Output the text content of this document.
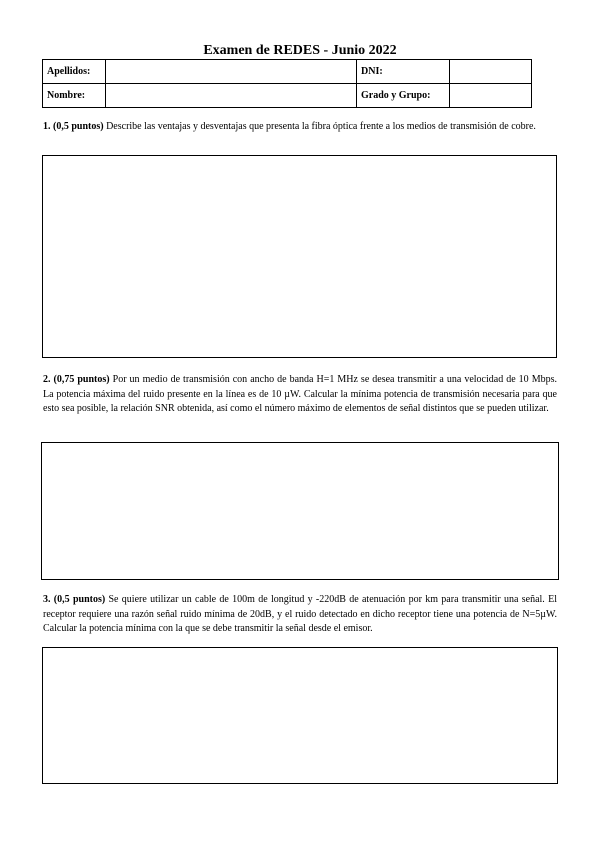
Examen de REDES - Junio 2022
Apellidos:		DNI:	
Nombre:		Grado y Grupo:	
1. (0,5 puntos) Describe las ventajas y desventajas que presenta la fibra óptica frente a los medios de transmisión de cobre.
2. (0,75 puntos) Por un medio de transmisión con ancho de banda H=1 MHz se desea transmitir a una velocidad de 10 Mbps. La potencia máxima del ruido presente en la línea es de 10 µW. Calcular la mínima potencia de transmisión necesaria para que esto sea posible, la relación SNR obtenida, así como el número máximo de elementos de señal distintos que se pueden utilizar.
3. (0,5 puntos) Se quiere utilizar un cable de 100m de longitud y -220dB de atenuación por km para transmitir una señal. El receptor requiere una razón señal ruido mínima de 20dB, y el ruido detectado en dicho receptor tiene una potencia de N=5µW. Calcular la potencia mínima con la que se debe transmitir la señal desde el emisor.
